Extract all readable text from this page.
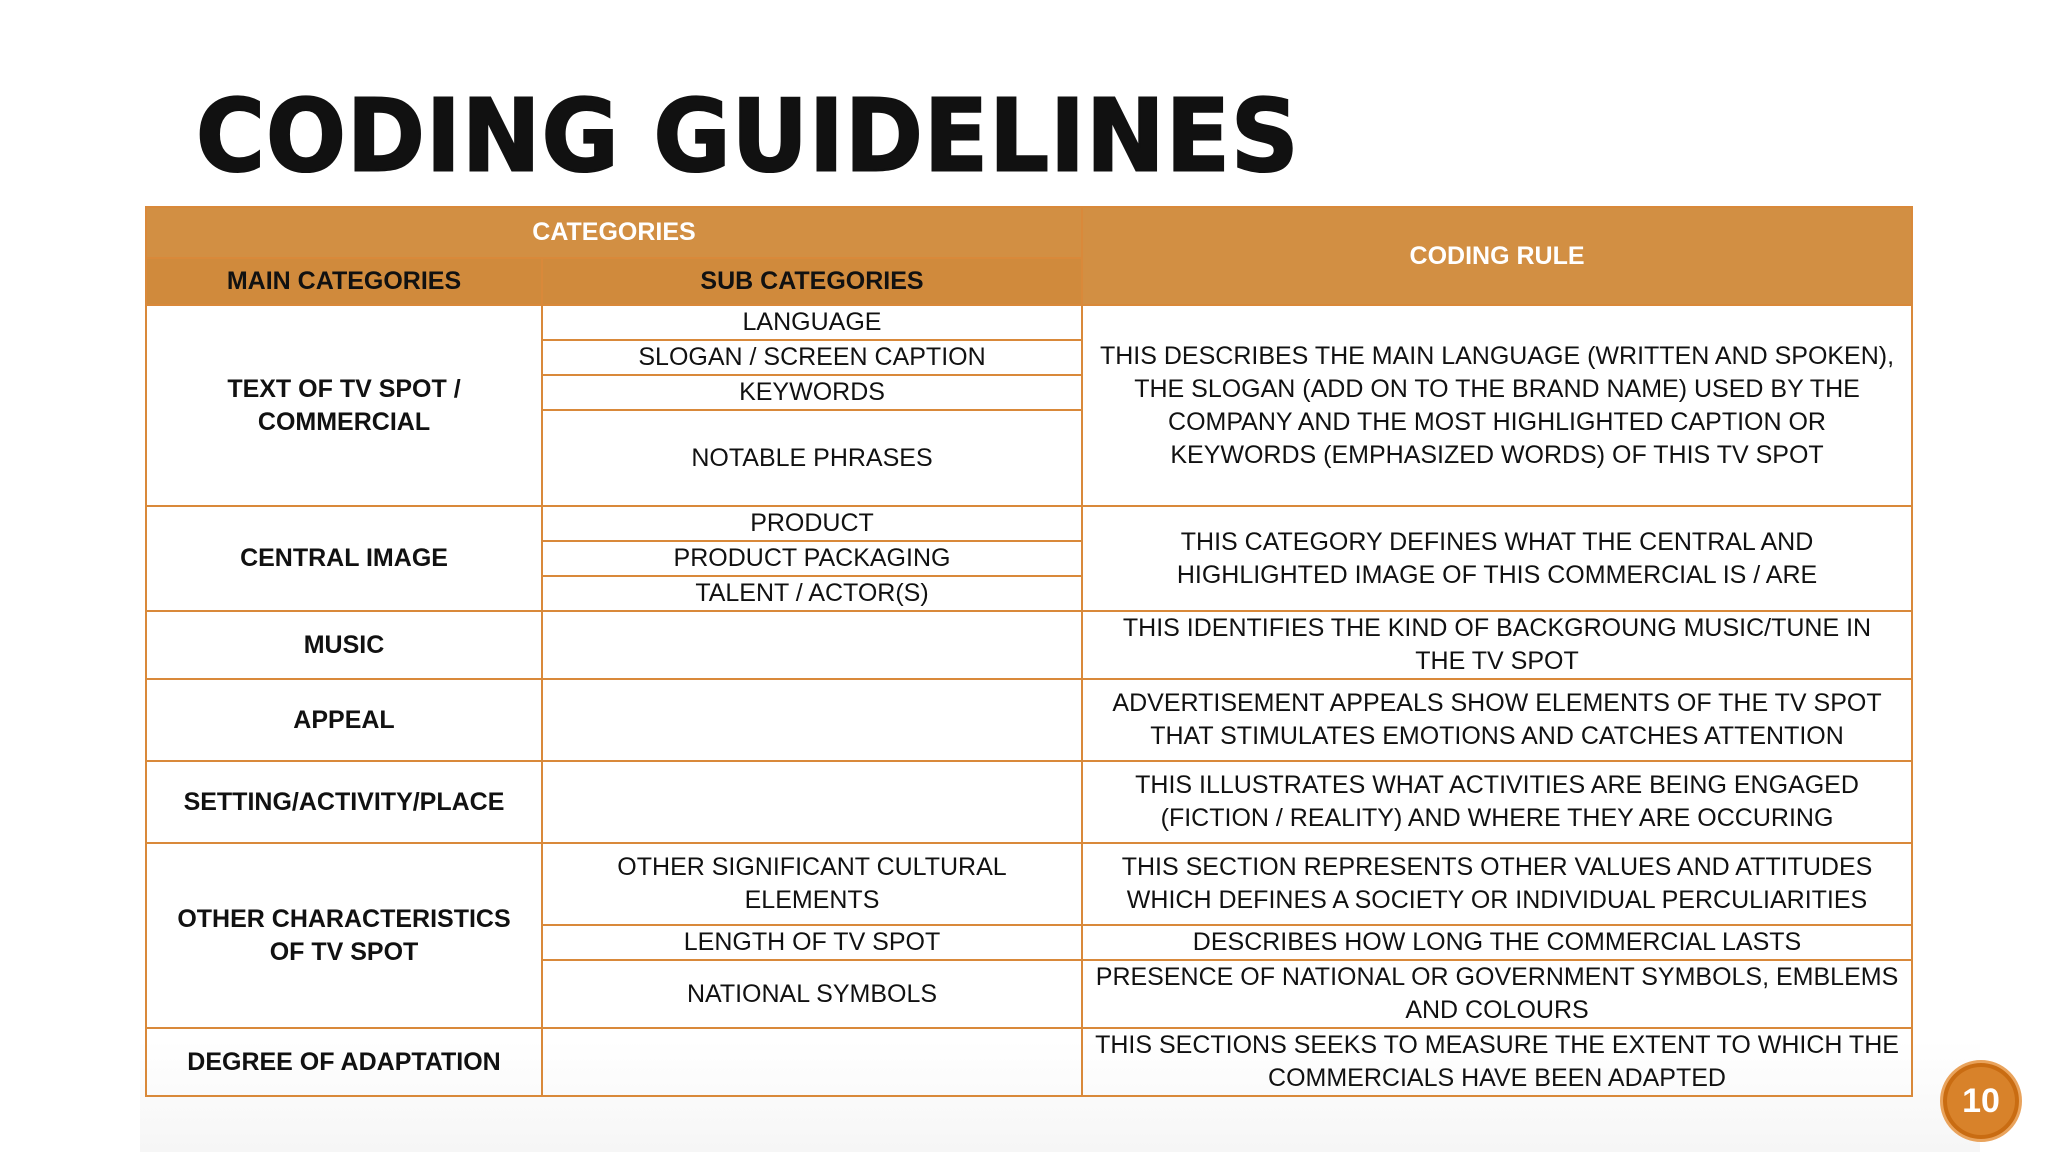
CODING GUIDELINES
CATEGORIES		CODING RULE
MAIN CATEGORIES	SUB CATEGORIES	
TEXT OF TV SPOT / COMMERCIAL	LANGUAGE	THIS DESCRIBES THE MAIN LANGUAGE (WRITTEN AND SPOKEN), THE SLOGAN (ADD ON TO THE BRAND NAME) USED BY THE COMPANY AND THE MOST HIGHLIGHTED CAPTION OR KEYWORDS (EMPHASIZED WORDS) OF THIS TV SPOT
	SLOGAN / SCREEN CAPTION	
	KEYWORDS	
	NOTABLE PHRASES	
CENTRAL IMAGE	PRODUCT	THIS CATEGORY DEFINES WHAT THE CENTRAL AND HIGHLIGHTED IMAGE OF THIS COMMERCIAL IS / ARE
	PRODUCT PACKAGING	
	TALENT / ACTOR(S)	
MUSIC		THIS IDENTIFIES THE KIND OF BACKGROUNG MUSIC/TUNE IN THE TV SPOT
APPEAL		ADVERTISEMENT APPEALS SHOW ELEMENTS OF THE TV SPOT THAT STIMULATES EMOTIONS AND CATCHES ATTENTION
SETTING/ACTIVITY/PLACE		THIS ILLUSTRATES WHAT ACTIVITIES ARE BEING ENGAGED (FICTION / REALITY) AND WHERE THEY ARE OCCURING
OTHER CHARACTERISTICS OF TV SPOT	OTHER SIGNIFICANT CULTURAL ELEMENTS	THIS SECTION REPRESENTS OTHER VALUES AND ATTITUDES WHICH DEFINES A SOCIETY OR INDIVIDUAL PERCULIARITIES
	LENGTH OF TV SPOT	DESCRIBES HOW LONG THE COMMERCIAL LASTS
	NATIONAL SYMBOLS	PRESENCE OF NATIONAL OR GOVERNMENT SYMBOLS, EMBLEMS AND COLOURS
DEGREE OF ADAPTATION		THIS SECTIONS SEEKS TO MEASURE THE EXTENT TO WHICH THE COMMERCIALS HAVE BEEN ADAPTED
10
